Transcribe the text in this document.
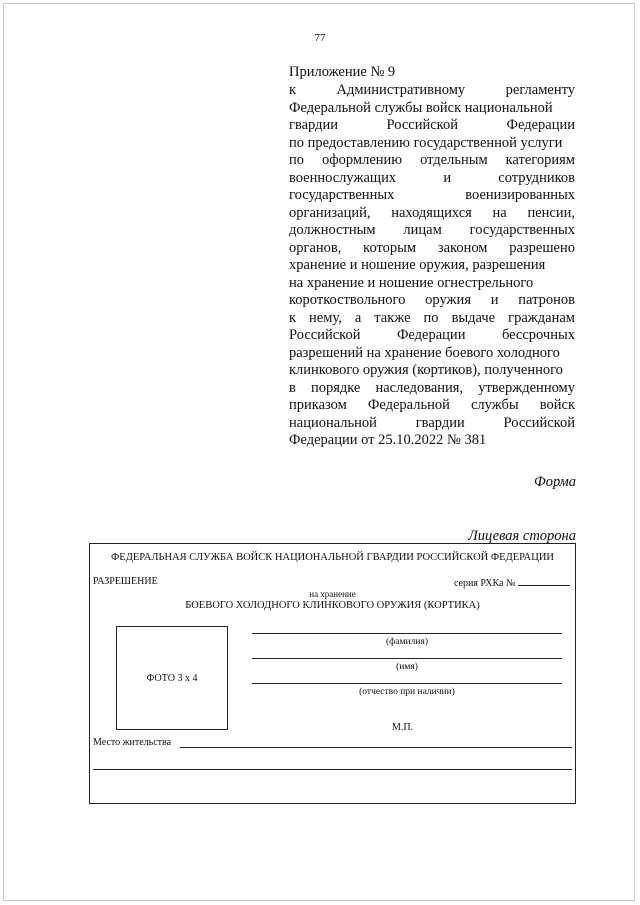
77
Приложение № 9
к	Административному	регламенту
Федеральной службы войск национальной
гвардии	Российской	Федерации
по предоставлению государственной услуги
по оформлению отдельным категориям
военнослужащих	и	сотрудников
государственных	военизированных
организаций, находящихся на пенсии,
должностным лицам государственных
органов, которым законом разрешено
хранение и ношение оружия, разрешения
на хранение и ношение огнестрельного
короткоствольного оружия и патронов
к нему, а также по выдаче гражданам
Российской	Федерации	бессрочных
разрешений на хранение боевого холодного
клинкового оружия (кортиков), полученного
в порядке наследования, утвержденному
приказом Федеральной службы войск
национальной	гвардии	Российской
Федерации от 25.10.2022 № 381
Форма
Лицевая сторона
ФЕДЕРАЛЬНАЯ СЛУЖБА ВОЙСК НАЦИОНАЛЬНОЙ ГВАРДИИ РОССИЙСКОЙ ФЕДЕРАЦИИ
РАЗРЕШЕНИЕ	серия РХКа №
на хранение
БОЕВОГО ХОЛОДНОГО КЛИНКОВОГО ОРУЖИЯ (КОРТИКА)
ФОТО 3 х 4
(фамилия)
(имя)
(отчество при наличии)
М.П.
Место жительства
